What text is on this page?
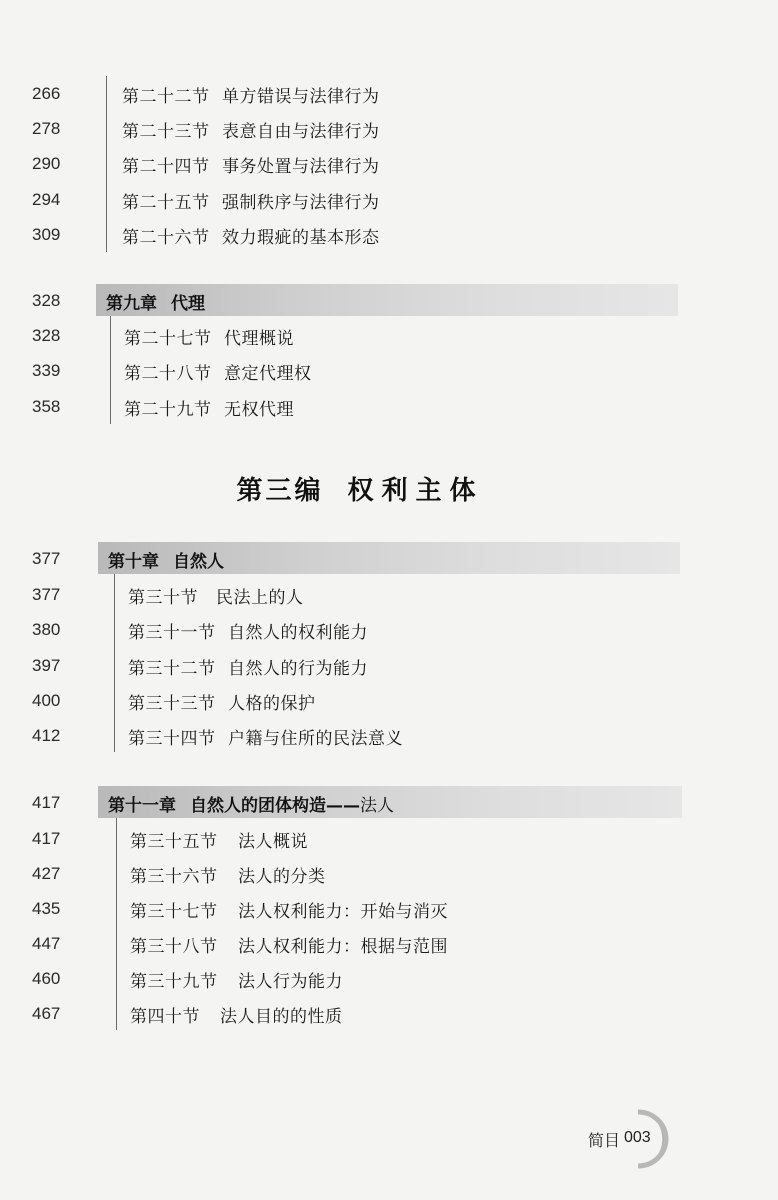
266	第二十二节 单方错误与法律行为
278	第二十三节 表意自由与法律行为
290	第二十四节 事务处置与法律行为
294	第二十五节 强制秩序与法律行为
309	第二十六节 效力瑕疵的基本形态
328	第九章 代理
328	第二十七节 代理概说
339	第二十八节 意定代理权
358	第二十九节 无权代理
第三编 权利主体
377	第十章 自然人
377	第三十节 民法上的人
380	第三十一节 自然人的权利能力
397	第三十二节 自然人的行为能力
400	第三十三节 人格的保护
412	第三十四节 户籍与住所的民法意义
417	第十一章 自然人的团体构造——法人
417	第三十五节 法人概说
427	第三十六节 法人的分类
435	第三十七节 法人权利能力：开始与消灭
447	第三十八节 法人权利能力：根据与范围
460	第三十九节 法人行为能力
467	第四十节 法人目的的性质
简目 003
